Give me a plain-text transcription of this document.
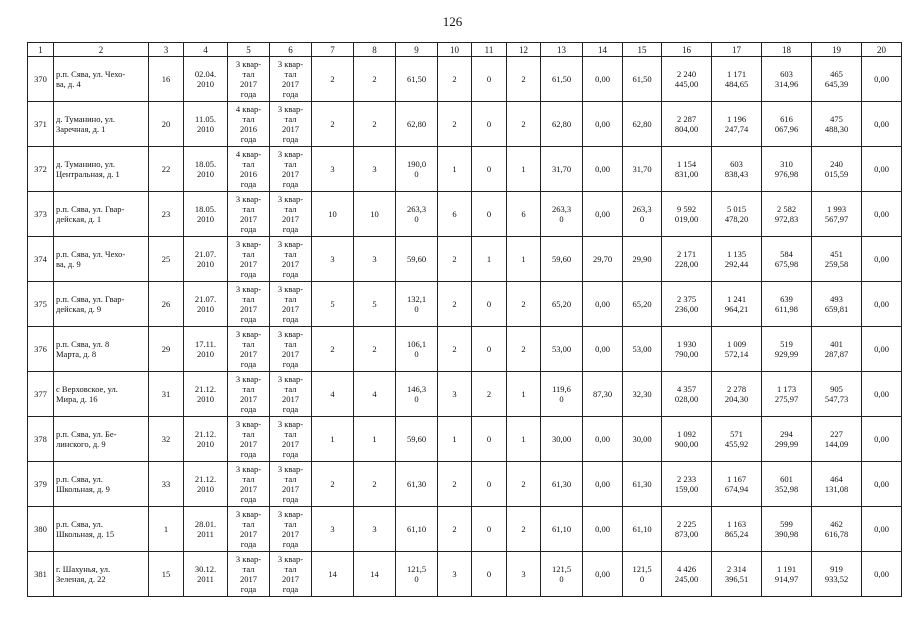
126
1	2	3	4	5	6	7	8	9	10	11	12	13	14	15	16	17	18	19	20
370	р.п. Сява, ул. Чехо-
ва, д. 4	16	02.04.
2010	3 квар-
тал
2017
года	3 квар-
тал
2017
года	2	2	61,50	2	0	2	61,50	0,00	61,50	2 240
445,00	1 171
484,65	603
314,96	465
645,39	0,00
371	д. Туманино, ул.
Заречная, д. 1	20	11.05.
2010	4 квар-
тал
2016
года	3 квар-
тал
2017
года	2	2	62,80	2	0	2	62,80	0,00	62,80	2 287
804,00	1 196
247,74	616
067,96	475
488,30	0,00
372	д. Туманино, ул.
Центральная, д. 1	22	18.05.
2010	4 квар-
тал
2016
года	3 квар-
тал
2017
года	3	3	190,0
0	1	0	1	31,70	0,00	31,70	1 154
831,00	603
838,43	310
976,98	240
015,59	0,00
373	р.п. Сява, ул. Гвар-
дейская, д. 1	23	18.05.
2010	3 квар-
тал
2017
года	3 квар-
тал
2017
года	10	10	263,3
0	6	0	6	263,3
0	0,00	263,3
0	9 592
019,00	5 015
478,20	2 582
972,83	1 993
567,97	0,00
374	р.п. Сява, ул. Чехо-
ва, д. 9	25	21.07.
2010	3 квар-
тал
2017
года	3 квар-
тал
2017
года	3	3	59,60	2	1	1	59,60	29,70	29,90	2 171
228,00	1 135
292,44	584
675,98	451
259,58	0,00
375	р.п. Сява, ул. Гвар-
дейская, д. 9	26	21.07.
2010	3 квар-
тал
2017
года	3 квар-
тал
2017
года	5	5	132,1
0	2	0	2	65,20	0,00	65,20	2 375
236,00	1 241
964,21	639
611,98	493
659,81	0,00
376	р.п. Сява, ул. 8
Марта, д. 8	29	17.11.
2010	3 квар-
тал
2017
года	3 квар-
тал
2017
года	2	2	106,1
0	2	0	2	53,00	0,00	53,00	1 930
790,00	1 009
572,14	519
929,99	401
287,87	0,00
377	с Верховское, ул.
Мира, д. 16	31	21.12.
2010	3 квар-
тал
2017
года	3 квар-
тал
2017
года	4	4	146,3
0	3	2	1	119,6
0	87,30	32,30	4 357
028,00	2 278
204,30	1 173
275,97	905
547,73	0,00
378	р.п. Сява, ул. Бе-
линского, д. 9	32	21.12.
2010	3 квар-
тал
2017
года	3 квар-
тал
2017
года	1	1	59,60	1	0	1	30,00	0,00	30,00	1 092
900,00	571
455,92	294
299,99	227
144,09	0,00
379	р.п. Сява, ул.
Школьная, д. 9	33	21.12.
2010	3 квар-
тал
2017
года	3 квар-
тал
2017
года	2	2	61,30	2	0	2	61,30	0,00	61,30	2 233
159,00	1 167
674,94	601
352,98	464
131,08	0,00
380	р.п. Сява, ул.
Школьная, д. 15	1	28.01.
2011	3 квар-
тал
2017
года	3 квар-
тал
2017
года	3	3	61,10	2	0	2	61,10	0,00	61,10	2 225
873,00	1 163
865,24	599
390,98	462
616,78	0,00
381	г. Шахунья, ул.
Зеленая, д. 22	15	30.12.
2011	3 квар-
тал
2017
года	3 квар-
тал
2017
года	14	14	121,5
0	3	0	3	121,5
0	0,00	121,5
0	4 426
245,00	2 314
396,51	1 191
914,97	919
933,52	0,00
